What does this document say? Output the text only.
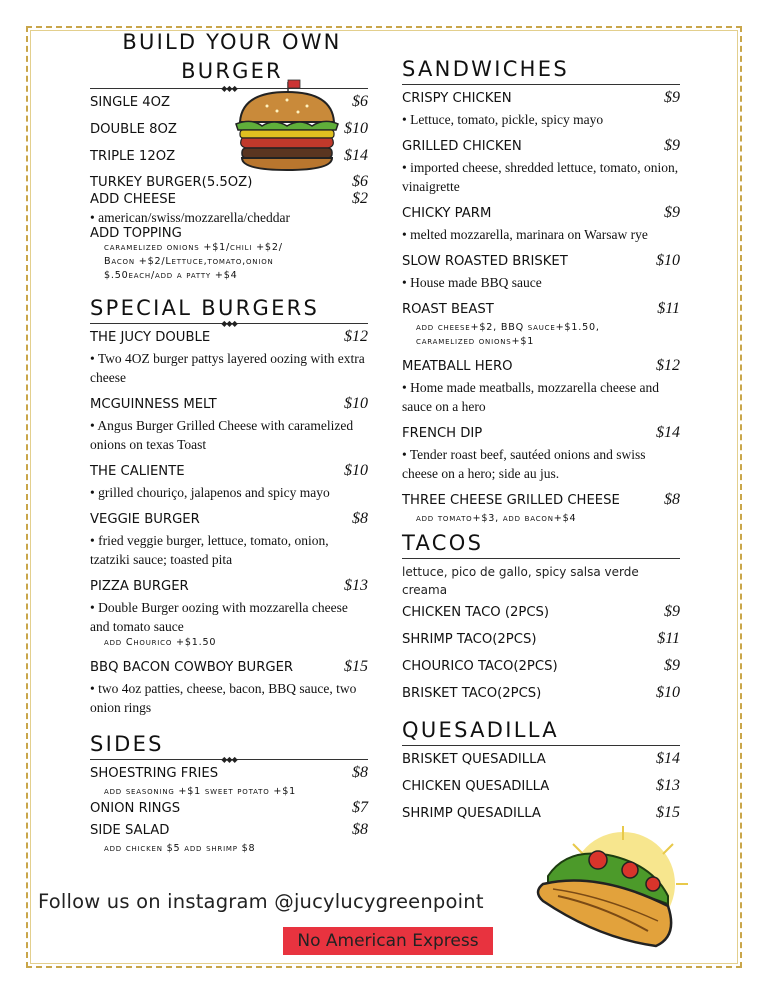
BUILD YOUR OWN
BURGER
◆◆◆
SINGLE 4OZ	$6
DOUBLE 8OZ	$10
TRIPLE 12OZ	$14
TURKEY BURGER(5.5OZ)	$6
ADD CHEESE	$2
• american/swiss/mozzarella/cheddar
ADD TOPPING
caramelized onions +$1/chili +$2/
Bacon +$2/Lettuce,tomato,onion
$.50each/add a patty +$4
SPECIAL BURGERS
◆◆◆
THE JUCY DOUBLE	$12
• Two 4OZ burger pattys layered oozing with extra cheese
MCGUINNESS MELT	$10
• Angus Burger Grilled Cheese with caramelized onions on texas Toast
THE CALIENTE	$10
• grilled chouriço, jalapenos and spicy mayo
VEGGIE BURGER	$8
• fried veggie burger, lettuce, tomato, onion, tzatziki sauce; toasted pita
PIZZA BURGER	$13
• Double Burger oozing with mozzarella cheese and tomato sauce
add Chourico +$1.50
BBQ BACON COWBOY BURGER	$15
• two 4oz patties, cheese, bacon, BBQ sauce, two onion rings
SIDES
◆◆◆
SHOESTRING FRIES	$8
add seasoning +$1 sweet potato +$1
ONION RINGS	$7
SIDE SALAD	$8
add chicken $5 add shrimp $8
SANDWICHES
CRISPY CHICKEN	$9
• Lettuce, tomato, pickle, spicy mayo
GRILLED CHICKEN	$9
• imported cheese, shredded lettuce, tomato, onion, vinaigrette
CHICKY PARM	$9
• melted mozzarella, marinara on Warsaw rye
SLOW ROASTED BRISKET	$10
• House made BBQ sauce
ROAST BEAST	$11
add cheese+$2, BBQ sauce+$1.50,
caramelized onions+$1
MEATBALL HERO	$12
• Home made meatballs, mozzarella cheese and sauce on a hero
FRENCH DIP	$14
• Tender roast beef, sautéed onions and swiss cheese on a hero; side au jus.
THREE CHEESE GRILLED CHEESE	$8
add tomato+$3, add bacon+$4
TACOS
lettuce, pico de gallo, spicy salsa verde creama
CHICKEN TACO (2PCS)	$9
SHRIMP TACO(2PCS)	$11
CHOURICO TACO(2PCS)	$9
BRISKET TACO(2PCS)	$10
QUESADILLA
BRISKET QUESADILLA	$14
CHICKEN QUESADILLA	$13
SHRIMP QUESADILLA	$15
Follow us on instagram @jucylucygreenpoint
No American Express
